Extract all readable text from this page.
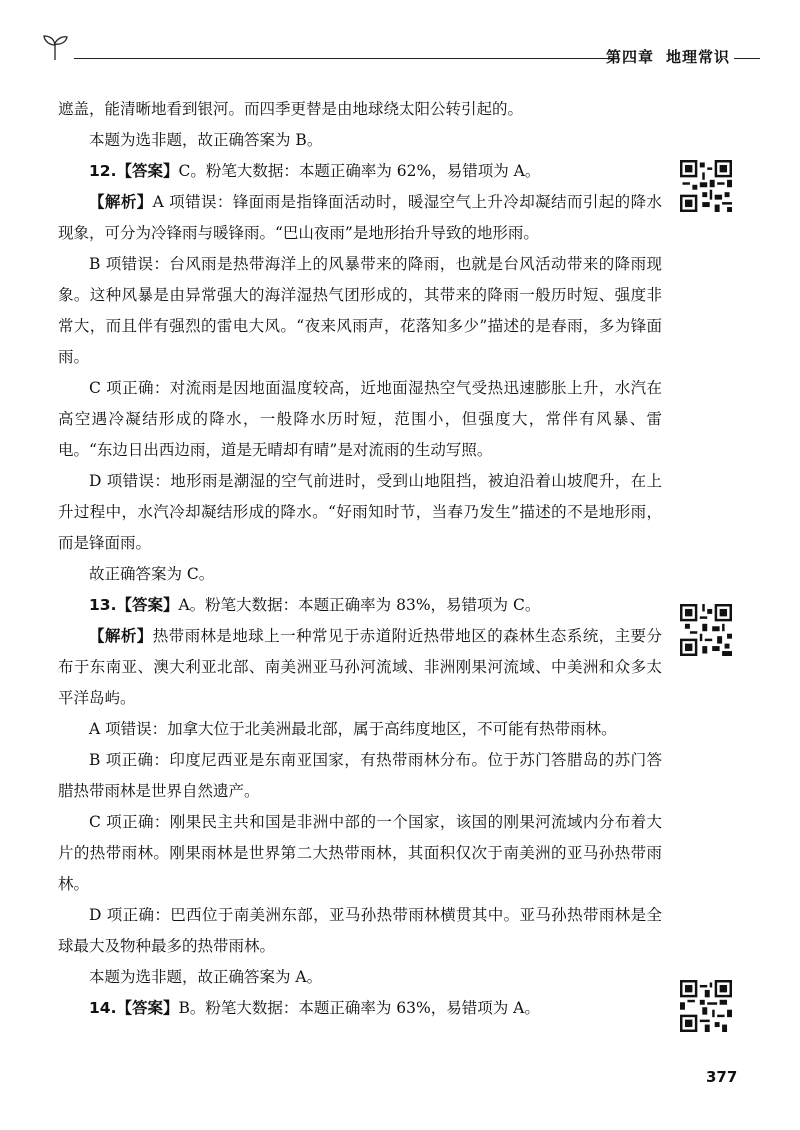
第四章 地理常识

遮盖，能清晰地看到银河。而四季更替是由地球绕太阳公转引起的。

本题为选非题，故正确答案为 B。

12.【答案】C。粉笔大数据：本题正确率为 62%，易错项为 A。

【解析】A 项错误：锋面雨是指锋面活动时，暖湿空气上升冷却凝结而引起的降水现象，可分为冷锋雨与暖锋雨。“巴山夜雨”是地形抬升导致的地形雨。

B 项错误：台风雨是热带海洋上的风暴带来的降雨，也就是台风活动带来的降雨现象。这种风暴是由异常强大的海洋湿热气团形成的，其带来的降雨一般历时短、强度非常大，而且伴有强烈的雷电大风。“夜来风雨声，花落知多少”描述的是春雨，多为锋面雨。

C 项正确：对流雨是因地面温度较高，近地面湿热空气受热迅速膨胀上升，水汽在高空遇冷凝结形成的降水，一般降水历时短，范围小，但强度大，常伴有风暴、雷电。“东边日出西边雨，道是无晴却有晴”是对流雨的生动写照。

D 项错误：地形雨是潮湿的空气前进时，受到山地阻挡，被迫沿着山坡爬升，在上升过程中，水汽冷却凝结形成的降水。“好雨知时节，当春乃发生”描述的不是地形雨，而是锋面雨。

故正确答案为 C。

13.【答案】A。粉笔大数据：本题正确率为 83%，易错项为 C。

【解析】热带雨林是地球上一种常见于赤道附近热带地区的森林生态系统，主要分布于东南亚、澳大利亚北部、南美洲亚马孙河流域、非洲刚果河流域、中美洲和众多太平洋岛屿。

A 项错误：加拿大位于北美洲最北部，属于高纬度地区，不可能有热带雨林。

B 项正确：印度尼西亚是东南亚国家，有热带雨林分布。位于苏门答腊岛的苏门答腊热带雨林是世界自然遗产。

C 项正确：刚果民主共和国是非洲中部的一个国家，该国的刚果河流域内分布着大片的热带雨林。刚果雨林是世界第二大热带雨林，其面积仅次于南美洲的亚马孙热带雨林。

D 项正确：巴西位于南美洲东部，亚马孙热带雨林横贯其中。亚马孙热带雨林是全球最大及物种最多的热带雨林。

本题为选非题，故正确答案为 A。

14.【答案】B。粉笔大数据：本题正确率为 63%，易错项为 A。

377
